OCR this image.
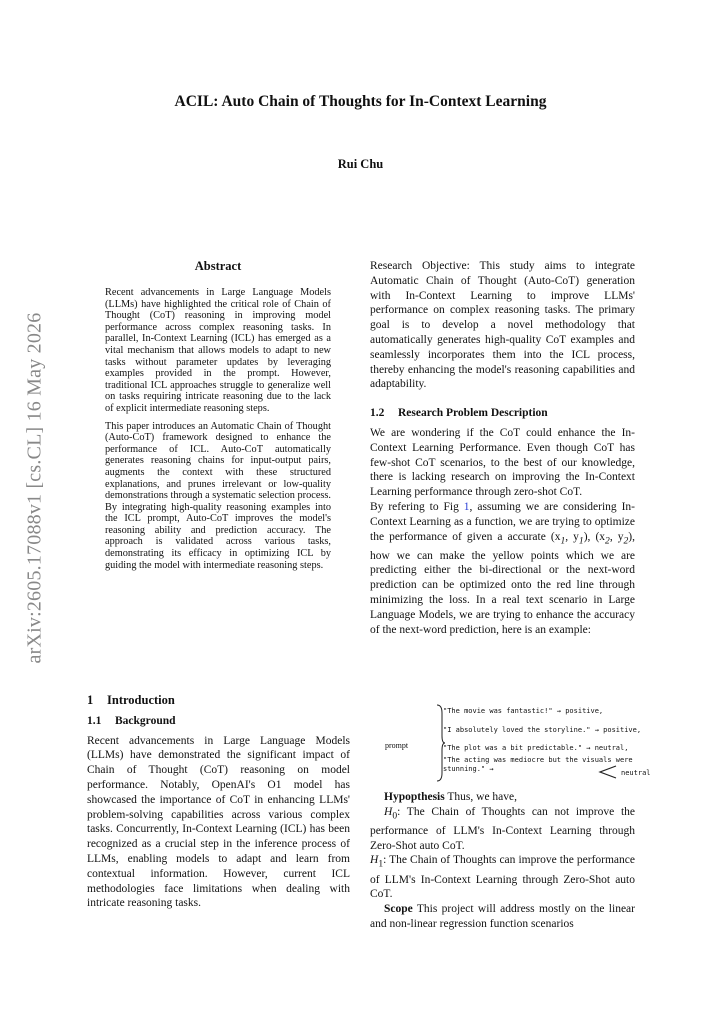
arXiv:2605.17088v1 [cs.CL] 16 May 2026
ACIL: Auto Chain of Thoughts for In-Context Learning
Rui Chu
Abstract

Recent advancements in Large Language Models (LLMs) have highlighted the critical role of Chain of Thought (CoT) reasoning in improving model performance across complex reasoning tasks. In parallel, In-Context Learning (ICL) has emerged as a vital mechanism that allows models to adapt to new tasks without parameter updates by leveraging examples provided in the prompt. However, traditional ICL approaches struggle to generalize well on tasks requiring intricate reasoning due to the lack of explicit intermediate reasoning steps.

This paper introduces an Automatic Chain of Thought (Auto-CoT) framework designed to enhance the performance of ICL. Auto-CoT automatically generates reasoning chains for input-output pairs, augments the context with these structured explanations, and prunes irrelevant or low-quality demonstrations through a systematic selection process. By integrating high-quality reasoning examples into the ICL prompt, Auto-CoT improves the model's reasoning ability and prediction accuracy. The approach is validated across various tasks, demonstrating its efficacy in optimizing ICL by guiding the model with intermediate reasoning steps.

1 Introduction
1.1 Background

Recent advancements in Large Language Models (LLMs) have demonstrated the significant impact of Chain of Thought (CoT) reasoning on model performance. Notably, OpenAI's O1 model has showcased the importance of CoT in enhancing LLMs' problem-solving capabilities across various complex tasks. Concurrently, In-Context Learning (ICL) has been recognized as a crucial step in the inference process of LLMs, enabling models to adapt and learn from contextual information. However, current ICL methodologies face limitations when dealing with intricate reasoning tasks.

Research Objective: This study aims to integrate Automatic Chain of Thought (Auto-CoT) generation with In-Context Learning to improve LLMs' performance on complex reasoning tasks. The primary goal is to develop a novel methodology that automatically generates high-quality CoT examples and seamlessly incorporates them into the ICL process, thereby enhancing the model's reasoning capabilities and adaptability.

1.2 Research Problem Description

We are wondering if the CoT could enhance the In-Context Learning Performance. Even though CoT has few-shot CoT scenarios, to the best of our knowledge, there is lacking research on improving the In-Context Learning performance through zero-shot CoT.

By refering to Fig 1, assuming we are considering In-Context Learning as a function, we are trying to optimize the performance of given a accurate ($x_1$, $y_1$), ($x_2$, $y_2$), how we can make the yellow points which we are predicting either the bi-directional or the next-word prediction can be optimized onto the red line through minimizing the loss. In a real text scenario in Large Language Models, we are trying to enhance the accuracy of the next-word prediction, here is an example:

prompt
"The movie was fantastic!" → positive,
"I absolutely loved the storyline." → positive,
"The plot was a bit predictable." → neutral,
"The acting was mediocre but the visuals were
stunning." →	neutral

Hypopthesis Thus, we have,

$H_0$: The Chain of Thoughts can not improve the performance of LLM's In-Context Learning through Zero-Shot auto CoT.

$H_1$: The Chain of Thoughts can improve the performance of LLM's In-Context Learning through Zero-Shot auto CoT.

Scope This project will address mostly on the linear and non-linear regression function scenarios
